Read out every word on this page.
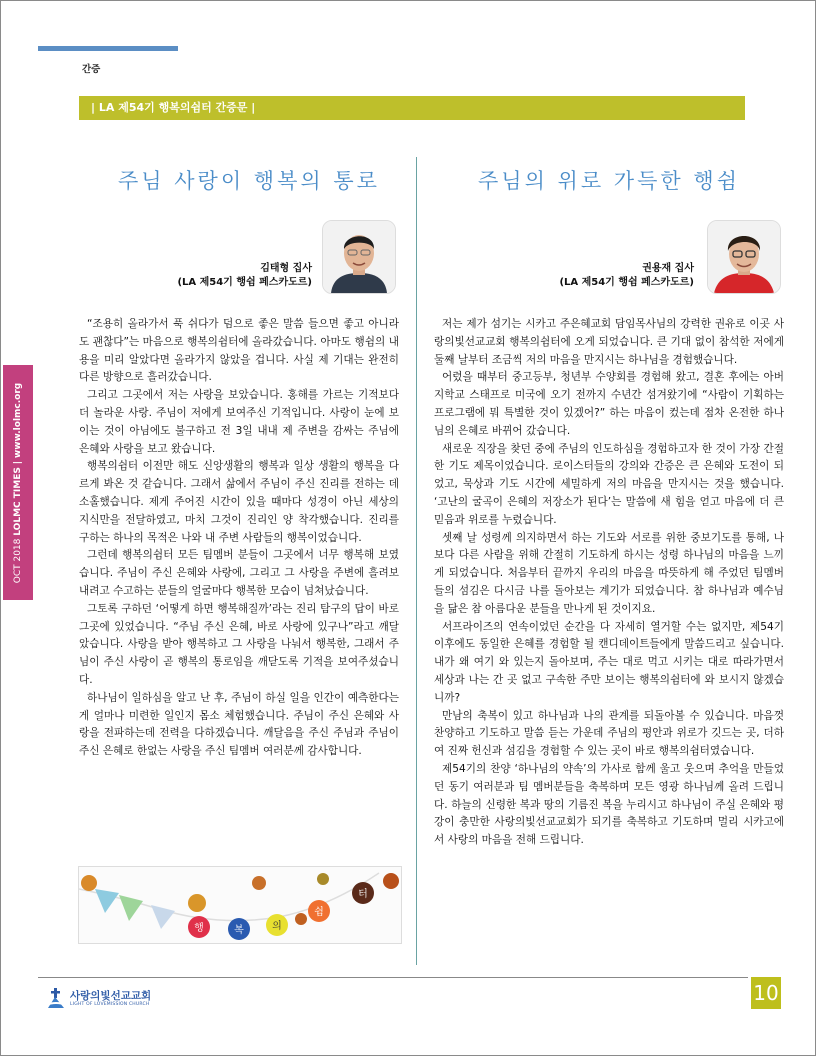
간증
| LA 제54기 행복의쉼터 간증문 |
OCT 2018 LOLMC TIMES | www.lolmc.org
주님 사랑이 행복의 통로
김태형 집사
(LA 제54기 행쉼 페스카도르)

“조용히 올라가서 푹 쉬다가 덤으로 좋은 말씀 들으면 좋고 아니라도 괜찮다”는 마음으로 행복의쉼터에 올라갔습니다. 아마도 행쉼의 내용을 미리 알았다면 올라가지 않았을 겁니다. 사실 제 기대는 완전히 다른 방향으로 흘러갔습니다.

그리고 그곳에서 저는 사랑을 보았습니다. 홍해를 가르는 기적보다 더 놀라운 사랑. 주님이 저에게 보여주신 기적입니다. 사랑이 눈에 보이는 것이 아님에도 불구하고 전 3일 내내 제 주변을 감싸는 주님에 은혜와 사랑을 보고 왔습니다.

행복의쉼터 이전만 해도 신앙생활의 행복과 일상 생활의 행복을 다르게 봐온 것 같습니다. 그래서 삶에서 주님이 주신 진리를 전하는 데 소홀했습니다. 제게 주어진 시간이 있을 때마다 성경이 아닌 세상의 지식만을 전달하였고, 마치 그것이 진리인 양 착각했습니다. 진리를 구하는 하나의 목적은 나와 내 주변 사람들의 행복이었습니다.

그런데 행복의쉼터 모든 팀멤버 분들이 그곳에서 너무 행복해 보였습니다. 주님이 주신 은혜와 사랑에, 그리고 그 사랑을 주변에 흘려보내려고 수고하는 분들의 얼굴마다 행복한 모습이 넘쳐났습니다.

그토록 구하던 ‘어떻게 하면 행복해질까’라는 진리 탐구의 답이 바로 그곳에 있었습니다. “주님 주신 은혜, 바로 사랑에 있구나”라고 깨달았습니다. 사랑을 받아 행복하고 그 사랑을 나눠서 행복한, 그래서 주님이 주신 사랑이 곧 행복의 통로임을 깨닫도록 기적을 보여주셨습니다.

하나님이 일하심을 알고 난 후, 주님이 하실 일을 인간이 예측한다는 게 얼마나 미련한 일인지 몸소 체험했습니다. 주님이 주신 은혜와 사랑을 전파하는데 전력을 다하겠습니다. 깨달음을 주신 주님과 주님이 주신 은혜로 한없는 사랑을 주신 팀멤버 여러분께 감사합니다.

행	복	의
쉼
터
주님의 위로 가득한 행쉼
권용재 집사
(LA 제54기 행쉼 페스카도르)

저는 제가 섬기는 시카고 주은혜교회 담임목사님의 강력한 권유로 이곳 사랑의빛선교교회 행복의쉼터에 오게 되었습니다. 큰 기대 없이 참석한 저에게 둘째 날부터 조금씩 저의 마음을 만지시는 하나님을 경험했습니다.

어렸을 때부터 중고등부, 청년부 수양회를 경험해 왔고, 결혼 후에는 아버지학교 스태프로 미국에 오기 전까지 수년간 섬겨왔기에 “사람이 기획하는 프로그램에 뭐 특별한 것이 있겠어?” 하는 마음이 컸는데 점차 온전한 하나님의 은혜로 바뀌어 갔습니다.

새로운 직장을 찾던 중에 주님의 인도하심을 경험하고자 한 것이 가장 간절한 기도 제목이었습니다. 로이스터들의 강의와 간증은 큰 은혜와 도전이 되었고, 묵상과 기도 시간에 세밀하게 저의 마음을 만지시는 것을 했습니다. ‘고난의 굴곡이 은혜의 저장소가 된다’는 말씀에 새 힘을 얻고 마음에 더 큰 믿음과 위로를 누렸습니다.

셋째 날 성령께 의지하면서 하는 기도와 서로를 위한 중보기도를 통해, 나보다 다른 사람을 위해 간절히 기도하게 하시는 성령 하나님의 마음을 느끼게 되었습니다. 처음부터 끝까지 우리의 마음을 따뜻하게 해 주었던 팀멤버들의 섬김은 다시금 나를 돌아보는 계기가 되었습니다. 참 하나님과 예수님을 닮은 참 아름다운 분들을 만나게 된 것이지요.

서프라이즈의 연속이었던 순간을 다 자세히 열거할 수는 없지만, 제54기 이후에도 동일한 은혜를 경험할 될 캔디데이트들에게 말씀드리고 싶습니다. 내가 왜 여기 와 있는지 돌아보며, 주는 대로 먹고 시키는 대로 따라가면서 세상과 나는 간 곳 없고 구속한 주만 보이는 행복의쉼터에 와 보시지 않겠습니까?

만남의 축복이 있고 하나님과 나의 관계를 되돌아볼 수 있습니다. 마음껏 찬양하고 기도하고 말씀 듣는 가운데 주님의 평안과 위로가 깃드는 곳, 더하여 진짜 헌신과 섬김을 경험할 수 있는 곳이 바로 행복의쉼터였습니다.

제54기의 찬양 ‘하나님의 약속’의 가사로 함께 울고 웃으며 추억을 만들었던 동기 여러분과 팀 멤버분들을 축복하며 모든 영광 하나님께 올려 드립니다. 하늘의 신령한 복과 땅의 기름진 복을 누리시고 하나님이 주실 은혜와 평강이 충만한 사랑의빛선교교회가 되기를 축복하고 기도하며 멀리 시카고에서 사랑의 마음을 전해 드립니다.

사랑의빛선교교회
LIGHT OF LOVEMISSION CHURCH	10
